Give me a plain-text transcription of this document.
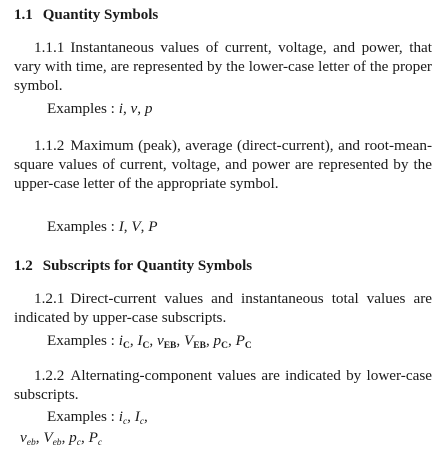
1.1 Quantity Symbols

1.1.1 Instantaneous values of current, voltage, and power, that vary with time, are represented by the lower-case letter of the proper symbol.

Examples : i, v, p

1.1.2 Maximum (peak), average (direct-current), and root-mean-square values of current, voltage, and power are represented by the upper-case letter of the appropriate symbol.

Examples : I, V, P
1.2 Subscripts for Quantity Symbols

1.2.1 Direct-current values and instantaneous total values are indicated by upper-case subscripts.

Examples : $i_C$, $I_C$, $v_{EB}$, $V_{EB}$, $p_C$, $P_C$

1.2.2 Alternating-component values are indicated by lower-case subscripts.

Examples : $i_c$, $I_c$,
$v_{eb}$, $V_{eb}$, $p_c$, $P_c$
